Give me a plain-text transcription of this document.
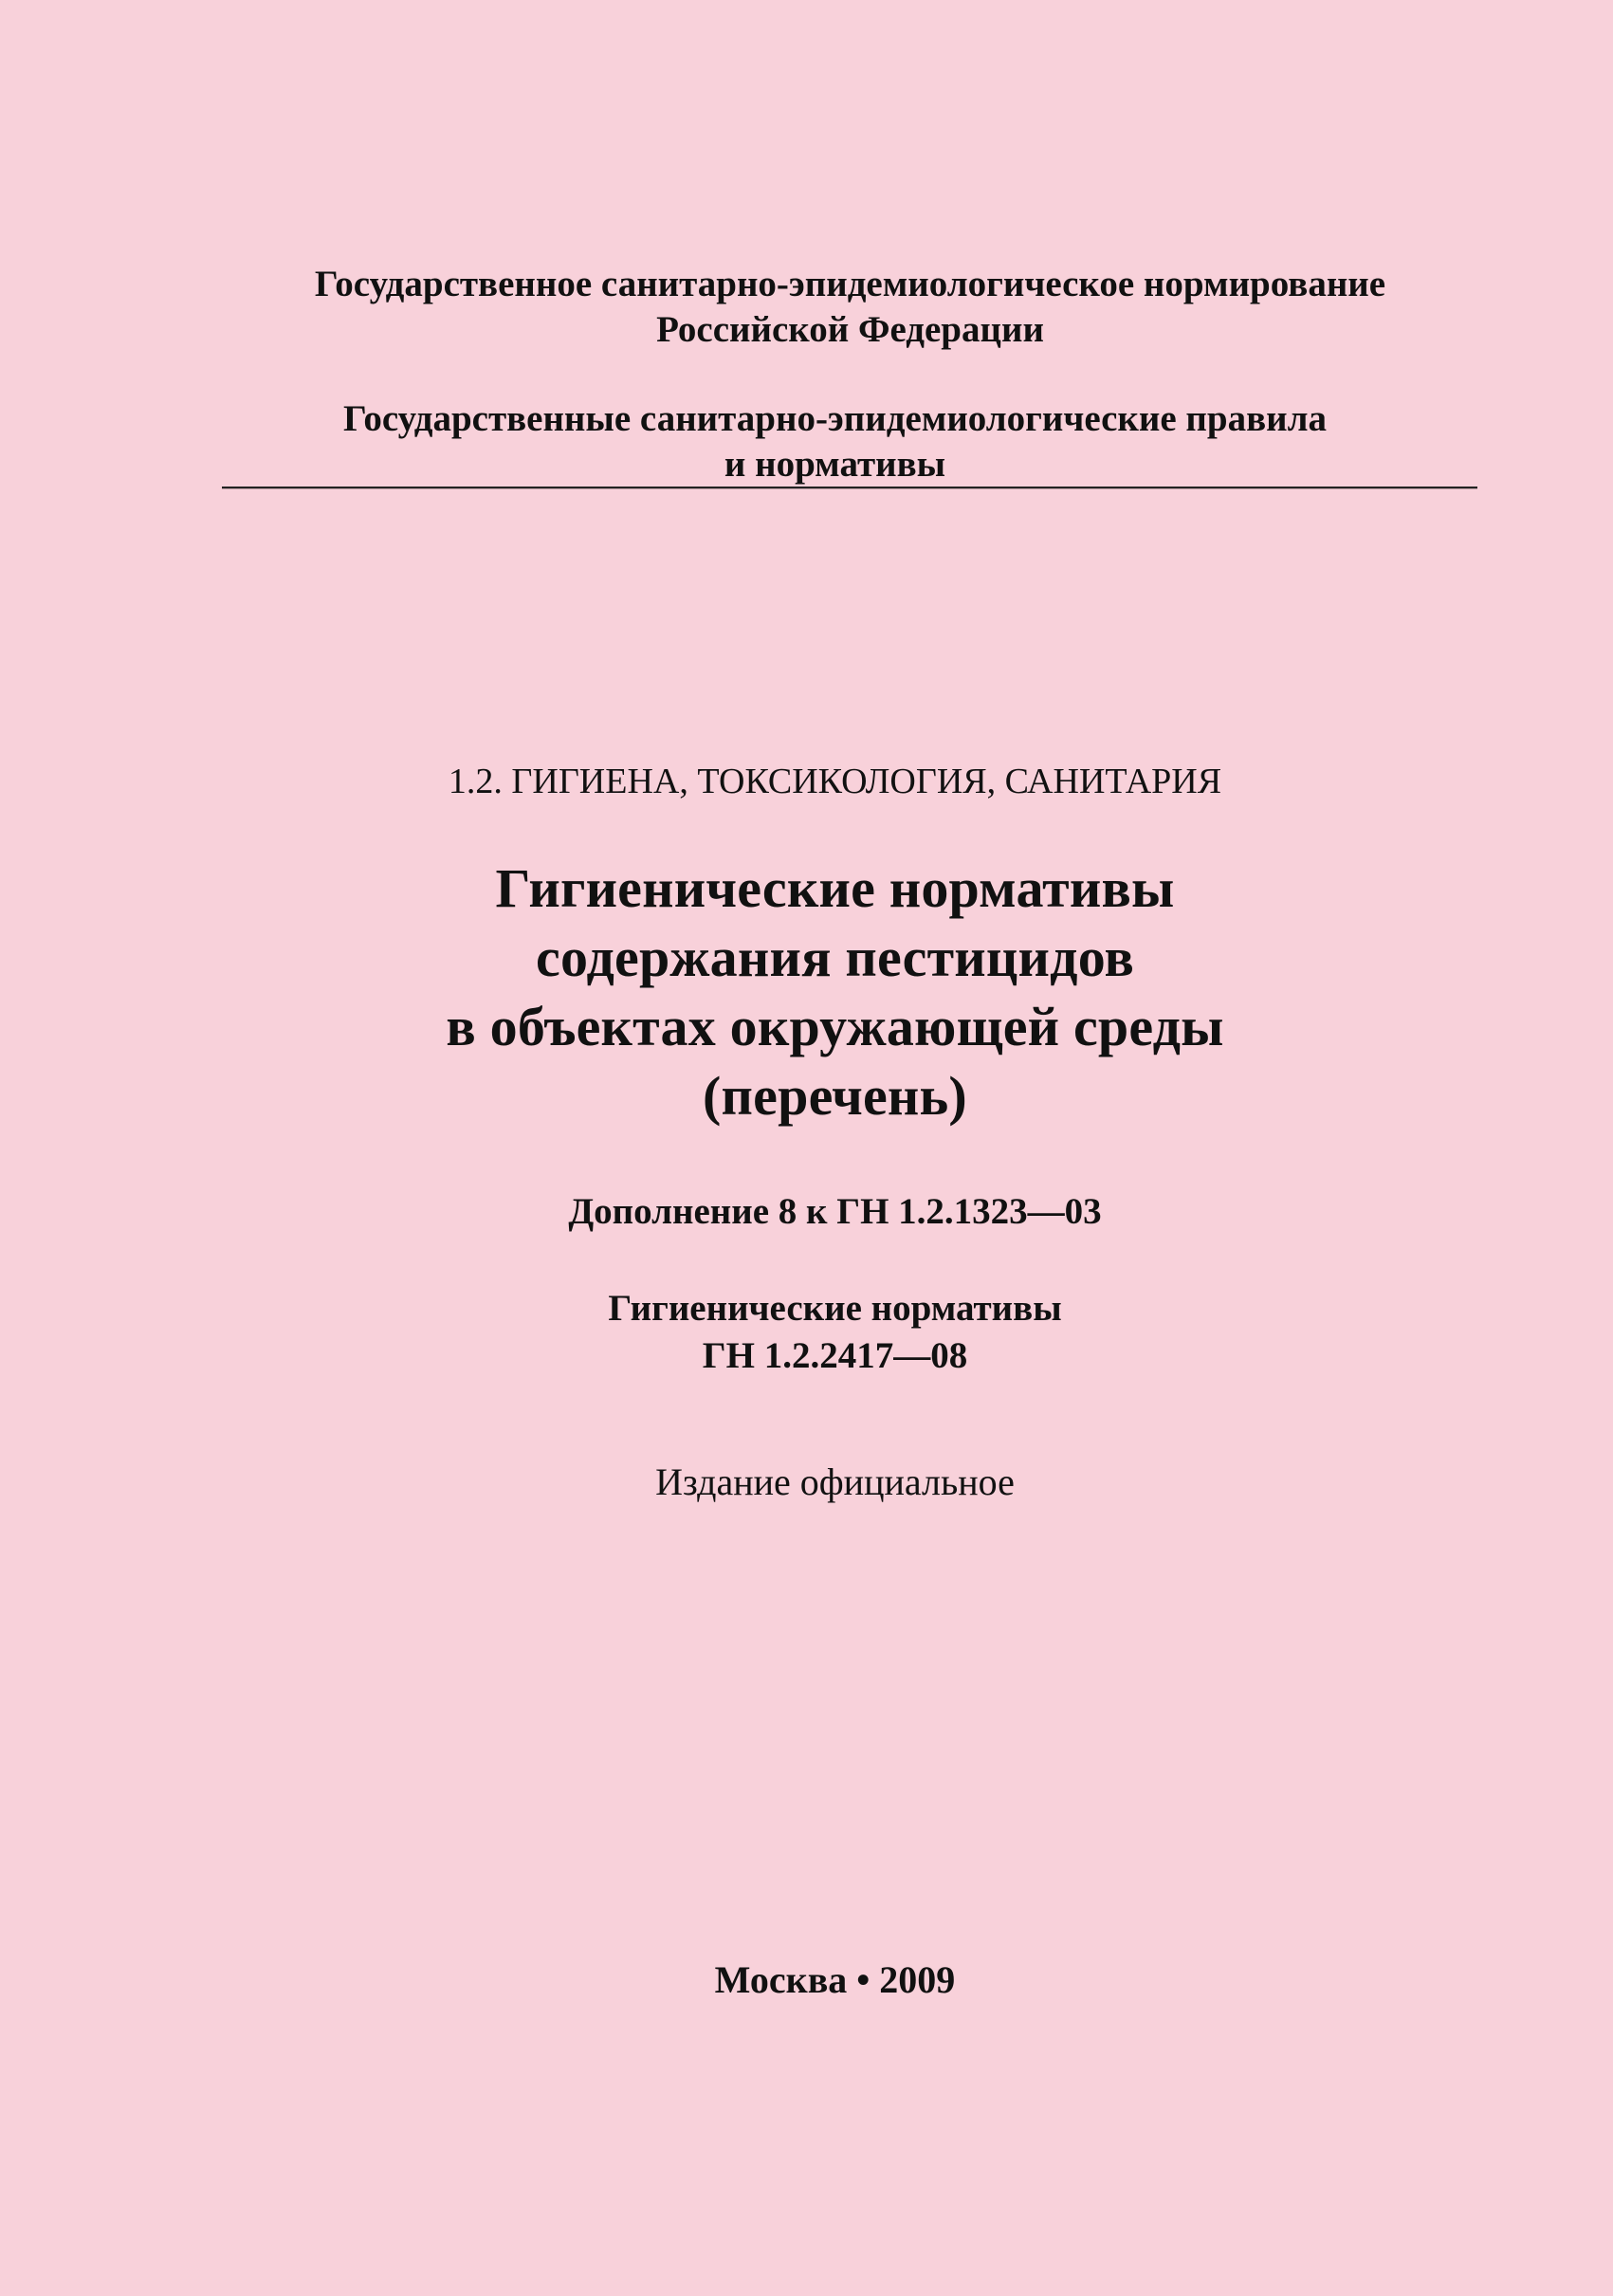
Государственное санитарно-эпидемиологическое нормирование
Российской Федерации
Государственные санитарно-эпидемиологические правила
и нормативы
1.2. ГИГИЕНА, ТОКСИКОЛОГИЯ, САНИТАРИЯ
Гигиенические нормативы
содержания пестицидов
в объектах окружающей среды
(перечень)
Дополнение 8 к ГН 1.2.1323—03
Гигиенические нормативы
ГН 1.2.2417—08
Издание официальное
Москва • 2009
